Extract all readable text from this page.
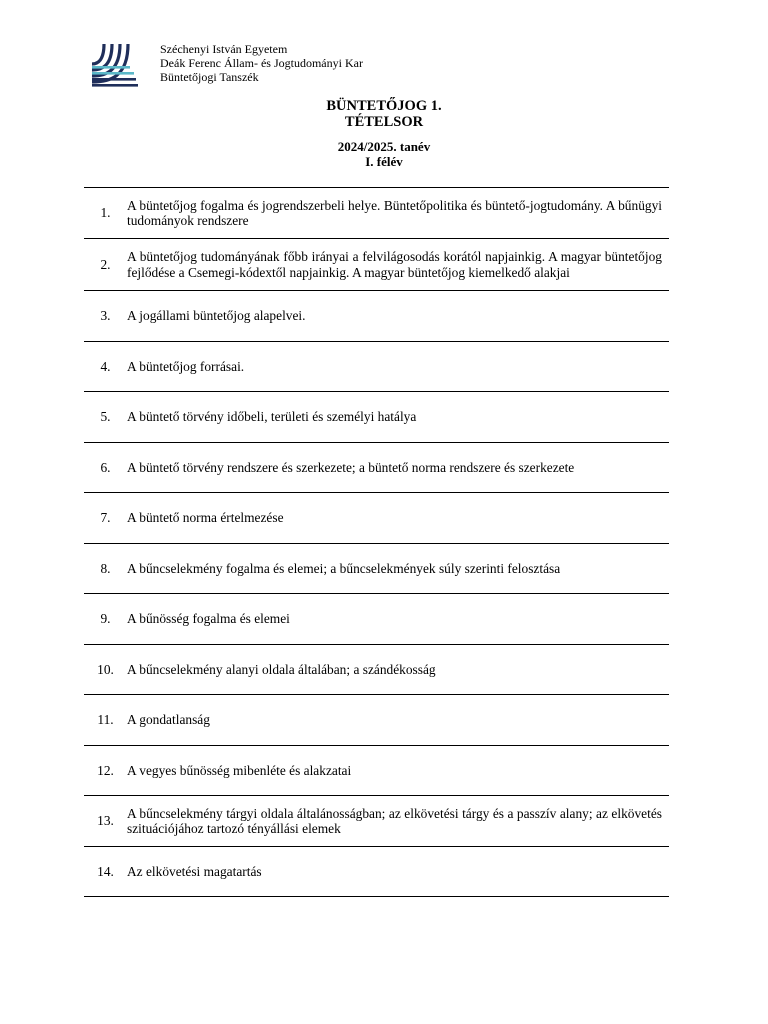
Széchenyi István Egyetem
Deák Ferenc Állam- és Jogtudományi Kar
Büntetőjogi Tanszék
BÜNTETŐJOG 1.
TÉTELSOR
2024/2025. tanév
I. félév
1.
A büntetőjog fogalma és jogrendszerbeli helye. Büntetőpolitika és büntető-jogtudomány. A bűnügyi tudományok rendszere
2.
A büntetőjog tudományának főbb irányai a felvilágosodás korától napjainkig. A magyar büntetőjog fejlődése a Csemegi-kódextől napjainkig. A magyar büntetőjog kiemelkedő alakjai
3.	A jogállami büntetőjog alapelvei.
4.	A büntetőjog forrásai.
5.	A büntető törvény időbeli, területi és személyi hatálya
6.	A büntető törvény rendszere és szerkezete; a büntető norma rendszere és szerkezete
7.	A büntető norma értelmezése
8.	A bűncselekmény fogalma és elemei; a bűncselekmények súly szerinti felosztása
9.	A bűnösség fogalma és elemei
10. A bűncselekmény alanyi oldala általában; a szándékosság
11. A gondatlanság
12. A vegyes bűnösség mibenléte és alakzatai
13.
A bűncselekmény tárgyi oldala általánosságban; az elkövetési tárgy és a passzív alany; az elkövetés szituációjához tartozó tényállási elemek
14. Az elkövetési magatartás
